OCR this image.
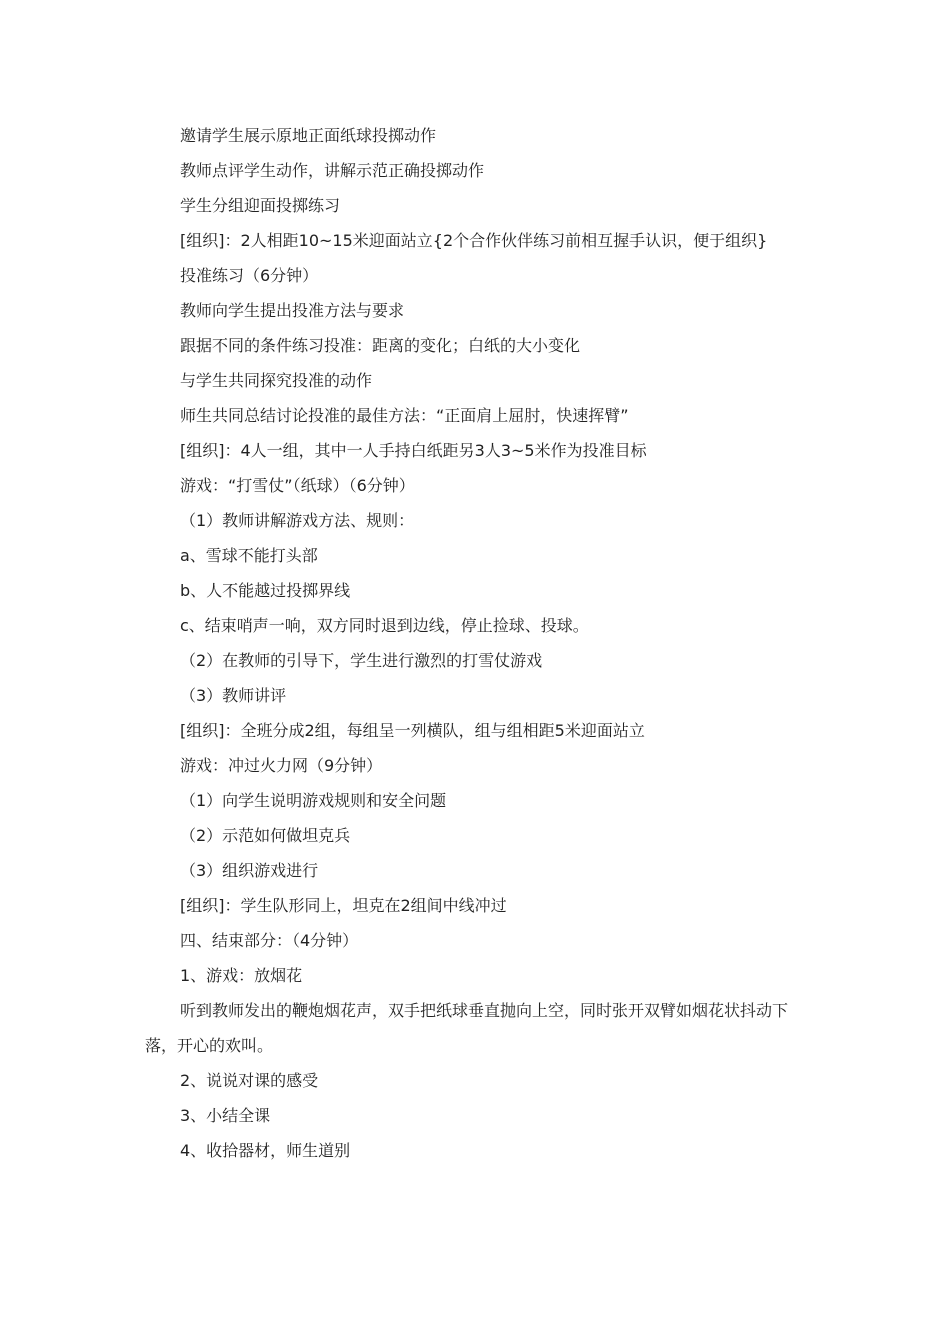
邀请学生展示原地正面纸球投掷动作

教师点评学生动作，讲解示范正确投掷动作

学生分组迎面投掷练习

[组织]：2人相距10~15米迎面站立{2个合作伙伴练习前相互握手认识，便于组织}

投准练习（6分钟）

教师向学生提出投准方法与要求

跟据不同的条件练习投准：距离的变化；白纸的大小变化

与学生共同探究投准的动作

师生共同总结讨论投准的最佳方法：“正面肩上屈肘，快速挥臂”

[组织]：4人一组，其中一人手持白纸距另3人3~5米作为投准目标

游戏：“打雪仗”（纸球）（6分钟）

（1）教师讲解游戏方法、规则：

a、雪球不能打头部

b、人不能越过投掷界线

c、结束哨声一响，双方同时退到边线，停止捡球、投球。

（2）在教师的引导下，学生进行激烈的打雪仗游戏

（3）教师讲评

[组织]：全班分成2组，每组呈一列横队，组与组相距5米迎面站立

游戏：冲过火力网（9分钟）

（1）向学生说明游戏规则和安全问题

（2）示范如何做坦克兵

（3）组织游戏进行

[组织]：学生队形同上，坦克在2组间中线冲过

四、结束部分：（4分钟）

1、游戏：放烟花

听到教师发出的鞭炮烟花声，双手把纸球垂直抛向上空，同时张开双臂如烟花状抖动下落，开心的欢叫。

2、说说对课的感受

3、小结全课

4、收拾器材，师生道别
